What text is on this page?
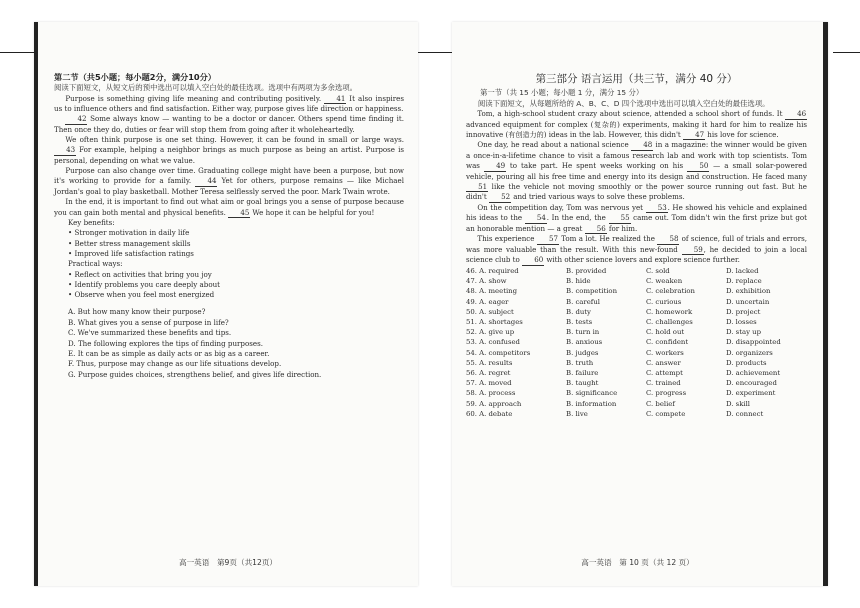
第二节（共5小题；每小题2分，满分10分）
阅读下面短文，从短文后的预中选出可以填入空白处的最佳选项。选项中有两项为多余选项。
Purpose is something giving life meaning and contributing positively. 41 It also inspires us to influence others and find satisfaction. Either way, purpose gives life direction or happiness.
42 Some always know — wanting to be a doctor or dancer. Others spend time finding it. Then once they do, duties or fear will stop them from going after it wholeheartedly.
We often think purpose is one set thing. However, it can be found in small or large ways. 43 For example, helping a neighbor brings as much purpose as being an artist. Purpose is personal, depending on what we value.
Purpose can also change over time. Graduating college might have been a purpose, but now it's working to provide for a family. 44 Yet for others, purpose remains — like Michael Jordan's goal to play basketball. Mother Teresa selflessly served the poor. Mark Twain wrote.
In the end, it is important to find out what aim or goal brings you a sense of purpose because you can gain both mental and physical benefits. 45 We hope it can be helpful for you!
Key benefits:
• Stronger motivation in daily life
• Better stress management skills
• Improved life satisfaction ratings
Practical ways:
• Reflect on activities that bring you joy
• Identify problems you care deeply about
• Observe when you feel most energized
A. But how many know their purpose?
B. What gives you a sense of purpose in life?
C. We've summarized these benefits and tips.
D. The following explores the tips of finding purposes.
E. It can be as simple as daily acts or as big as a career.
F. Thus, purpose may change as our life situations develop.
G. Purpose guides choices, strengthens belief, and gives life direction.
高一英语　第9页（共12页）
第三部分 语言运用（共三节，满分 40 分）
第一节（共 15 小题；每小题 1 分，满分 15 分）
阅读下面短文，从每题所给的 A、B、C、D 四个选项中选出可以填入空白处的最佳选项。
Tom, a high-school student crazy about science, attended a school short of funds. It 46 advanced equipment for complex (复杂的) experiments, making it hard for him to realize his innovative (有创造力的) ideas in the lab. However, this didn't 47 his love for science.
One day, he read about a national science 48 in a magazine: the winner would be given a once-in-a-lifetime chance to visit a famous research lab and work with top scientists. Tom was 49 to take part. He spent weeks working on his 50 — a small solar-powered vehicle, pouring all his free time and energy into its design and construction. He faced many 51 like the vehicle not moving smoothly or the power source running out fast. But he didn't 52 and tried various ways to solve these problems.
On the competition day, Tom was nervous yet 53. He showed his vehicle and explained his ideas to the 54. In the end, the 55 came out. Tom didn't win the first prize but got an honorable mention — a great 56 for him.
This experience 57 Tom a lot. He realized the 58 of science, full of trials and errors, was more valuable than the result. With this new-found 59, he decided to join a local science club to 60 with other science lovers and explore science further.
46. A. required	B. provided	C. sold	D. lacked
47. A. show	B. hide	C. weaken	D. replace
48. A. meeting	B. competition	C. celebration	D. exhibition
49. A. eager	B. careful	C. curious	D. uncertain
50. A. subject	B. duty	C. homework	D. project
51. A. shortages	B. tests	C. challenges	D. losses
52. A. give up	B. turn in	C. hold out	D. stay up
53. A. confused	B. anxious	C. confident	D. disappointed
54. A. competitors	B. judges	C. workers	D. organizers
55. A. results	B. truth	C. answer	D. products
56. A. regret	B. failure	C. attempt	D. achievement
57. A. moved	B. taught	C. trained	D. encouraged
58. A. process	B. significance	C. progress	D. experiment
59. A. approach	B. information	C. belief	D. skill
60. A. debate	B. live	C. compete	D. connect
高一英语　第 10 页（共 12 页）
